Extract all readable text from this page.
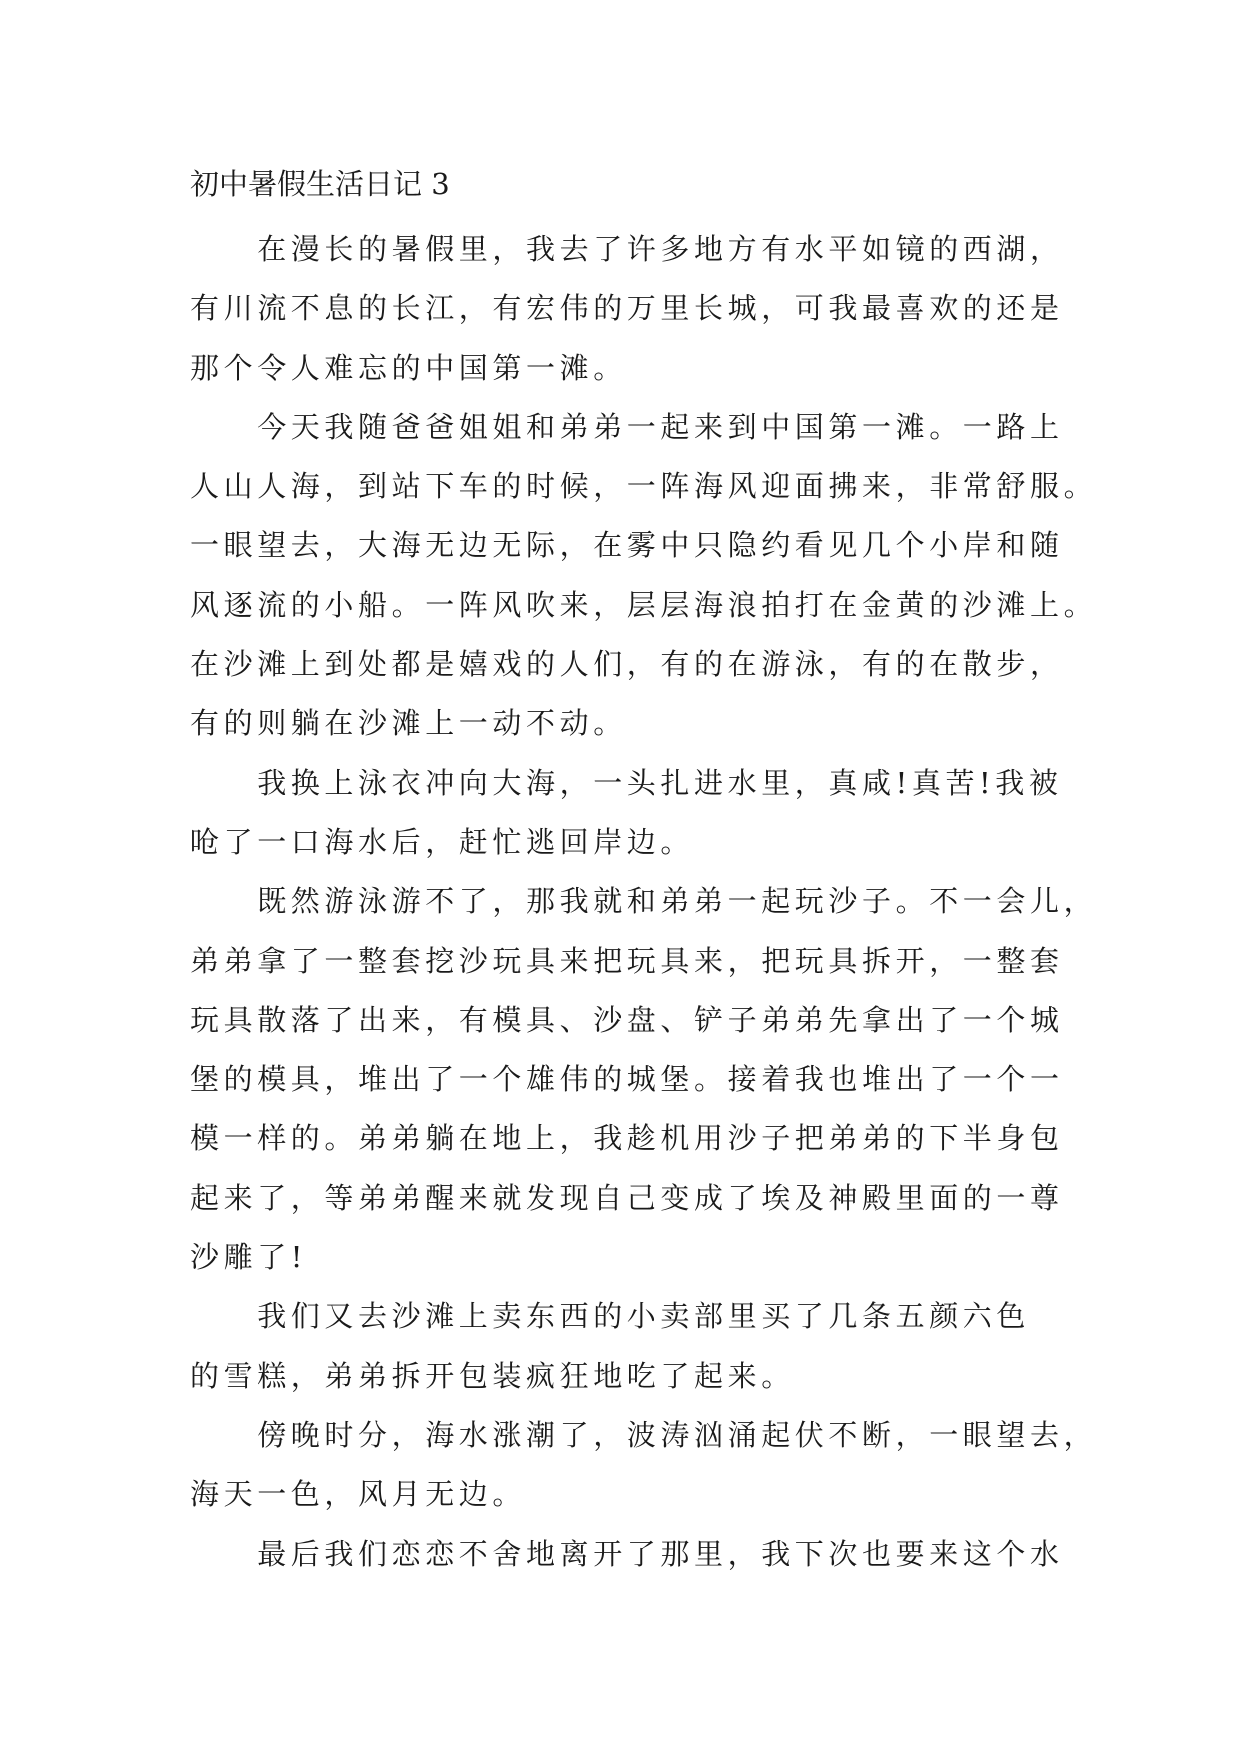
初中暑假生活日记 3
　　在漫长的暑假里，我去了许多地方有水平如镜的西湖，
有川流不息的长江，有宏伟的万里长城，可我最喜欢的还是
那个令人难忘的中国第一滩。
　　今天我随爸爸姐姐和弟弟一起来到中国第一滩。一路上
人山人海，到站下车的时候，一阵海风迎面拂来，非常舒服。
一眼望去，大海无边无际，在雾中只隐约看见几个小岸和随
风逐流的小船。一阵风吹来，层层海浪拍打在金黄的沙滩上。
在沙滩上到处都是嬉戏的人们，有的在游泳，有的在散步，
有的则躺在沙滩上一动不动。
　　我换上泳衣冲向大海，一头扎进水里，真咸!真苦!我被
呛了一口海水后，赶忙逃回岸边。
　　既然游泳游不了，那我就和弟弟一起玩沙子。不一会儿，
弟弟拿了一整套挖沙玩具来把玩具来，把玩具拆开，一整套
玩具散落了出来，有模具、沙盘、铲子弟弟先拿出了一个城
堡的模具，堆出了一个雄伟的城堡。接着我也堆出了一个一
模一样的。弟弟躺在地上，我趁机用沙子把弟弟的下半身包
起来了，等弟弟醒来就发现自己变成了埃及神殿里面的一尊
沙雕了!
　　我们又去沙滩上卖东西的小卖部里买了几条五颜六色
的雪糕，弟弟拆开包装疯狂地吃了起来。
　　傍晚时分，海水涨潮了，波涛汹涌起伏不断，一眼望去，
海天一色，风月无边。
　　最后我们恋恋不舍地离开了那里，我下次也要来这个水
